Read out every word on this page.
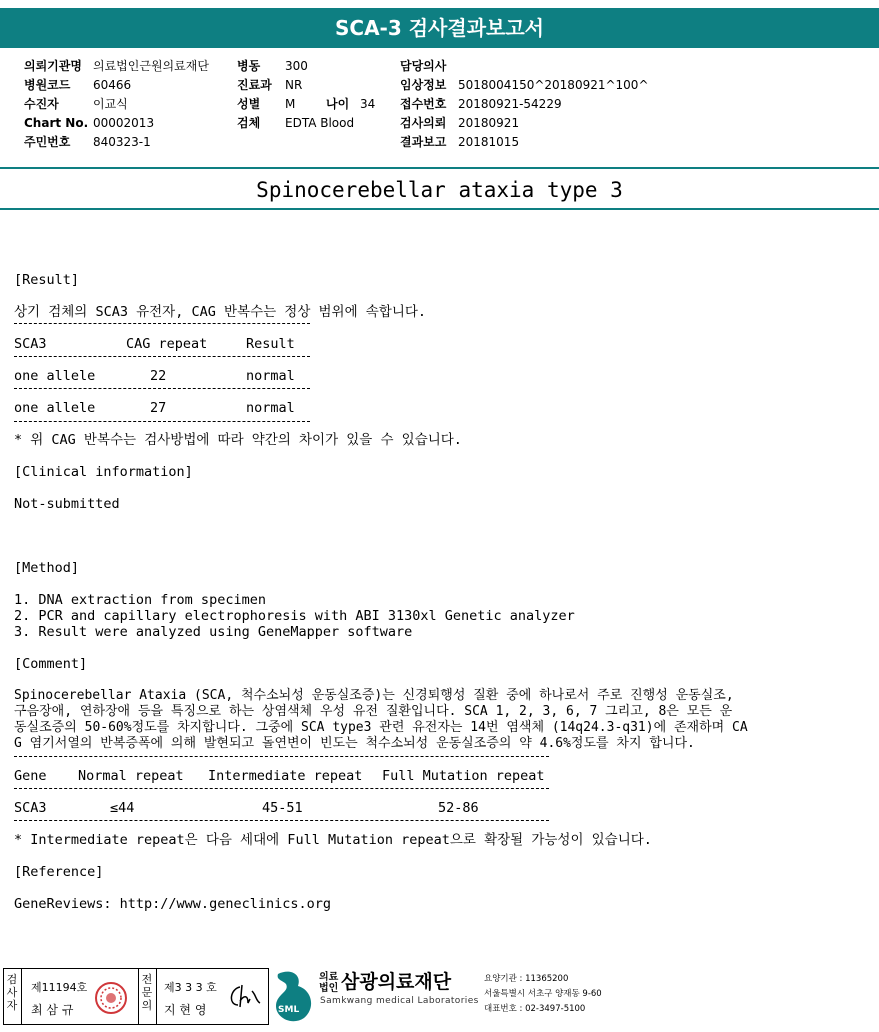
SCA-3 검사결과보고서
의뢰기관명 의료법인근원의료재단
병원코드 60466
수진자	이교식
Chart No. 00002013
주민번호 840323-1
병동 300
진료과 NR
성별 M	나이 34
검체 EDTA Blood
담당의사
임상정보 5018004150^20180921^100^
접수번호 20180921-54229
검사의뢰 20180921
결과보고 20181015
Spinocerebellar ataxia type 3
[Result]
상기 검체의 SCA3 유전자, CAG 반복수는 정상 범위에 속합니다.
SCA3	CAG repeat	Result
one allele	22	normal
one allele	27	normal
* 위 CAG 반복수는 검사방법에 따라 약간의 차이가 있을 수 있습니다.
[Clinical information]
Not-submitted
[Method]
1. DNA extraction from specimen
2. PCR and capillary electrophoresis with ABI 3130xl Genetic analyzer
3. Result were analyzed using GeneMapper software
[Comment]
Spinocerebellar Ataxia (SCA, 척수소뇌성 운동실조증)는 신경퇴행성 질환 중에 하나로서 주로 진행성 운동실조,
구음장애, 연하장애 등을 특징으로 하는 상염색체 우성 유전 질환입니다. SCA 1, 2, 3, 6, 7 그리고, 8은 모든 운
동실조증의 50-60%정도를 차지합니다. 그중에 SCA type3 관련 유전자는 14번 염색체 (14q24.3-q31)에 존재하며 CA
G 염기서열의 반복증폭에 의해 발현되고 돌연변이 빈도는 척수소뇌성 운동실조증의 약 4.6%정도를 차지 합니다.
Gene Normal repeat Intermediate repeat Full Mutation repeat
SCA3	≤44	45-51	52-86
* Intermediate repeat은 다음 세대에 Full Mutation repeat으로 확장될 가능성이 있습니다.
[Reference]
GeneReviews: http://www.geneclinics.org
검사자
제11194호
최 삼 규
전문의
제3 3 3 호
지 현 영	SML
의료
법인 삼광의료재단
Samkwang medical Laboratories
요양기관 : 11365200
서울특별시 서초구 양재동 9-60
대표번호 : 02-3497-5100
